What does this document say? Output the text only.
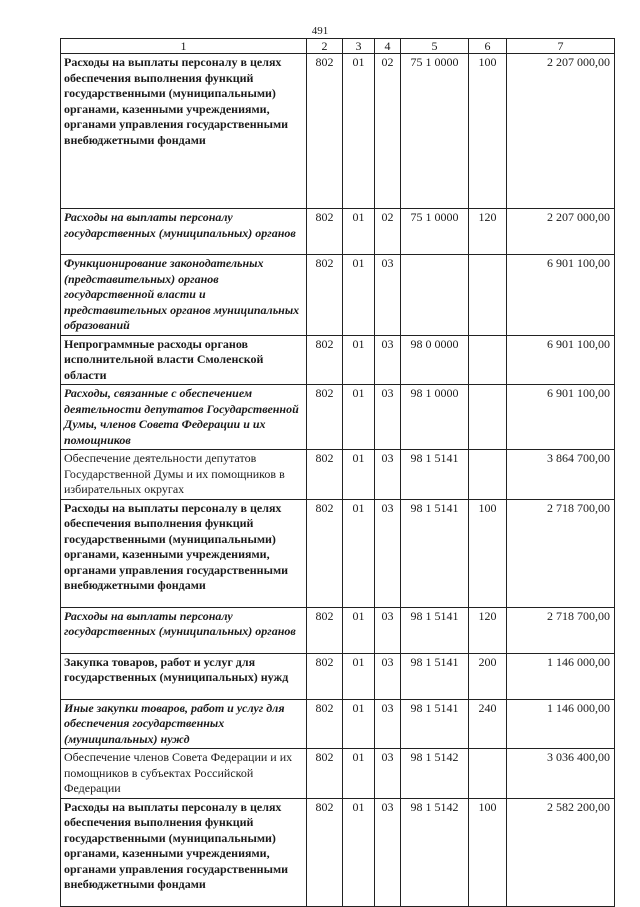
491
1	2	3	4	5	6	7
Расходы на выплаты персоналу в целях обеспечения выполнения функций государственными (муниципальными) органами, казенными учреждениями, органами управления государственными внебюджетными фондами	802	01	02	75 1 0000	100	2 207 000,00
Расходы на выплаты персоналу государственных (муниципальных) органов	802	01	02	75 1 0000	120	2 207 000,00
Функционирование законодательных (представительных) органов государственной власти и представительных органов муниципальных образований	802	01	03			6 901 100,00
Непрограммные расходы органов исполнительной власти Смоленской области	802	01	03	98 0 0000		6 901 100,00
Расходы, связанные с обеспечением деятельности депутатов Государственной Думы, членов Совета Федерации и их помощников	802	01	03	98 1 0000		6 901 100,00
Обеспечение деятельности депутатов Государственной Думы и их помощников в избирательных округах	802	01	03	98 1 5141		3 864 700,00
Расходы на выплаты персоналу в целях обеспечения выполнения функций государственными (муниципальными) органами, казенными учреждениями, органами управления государственными внебюджетными фондами	802	01	03	98 1 5141	100	2 718 700,00
Расходы на выплаты персоналу государственных (муниципальных) органов	802	01	03	98 1 5141	120	2 718 700,00
Закупка товаров, работ и услуг для государственных (муниципальных) нужд	802	01	03	98 1 5141	200	1 146 000,00
Иные закупки товаров, работ и услуг для обеспечения государственных (муниципальных) нужд	802	01	03	98 1 5141	240	1 146 000,00
Обеспечение членов Совета Федерации и их помощников в субъектах Российской Федерации	802	01	03	98 1 5142		3 036 400,00
Расходы на выплаты персоналу в целях обеспечения выполнения функций государственными (муниципальными) органами, казенными учреждениями, органами управления государственными внебюджетными фондами	802	01	03	98 1 5142	100	2 582 200,00
